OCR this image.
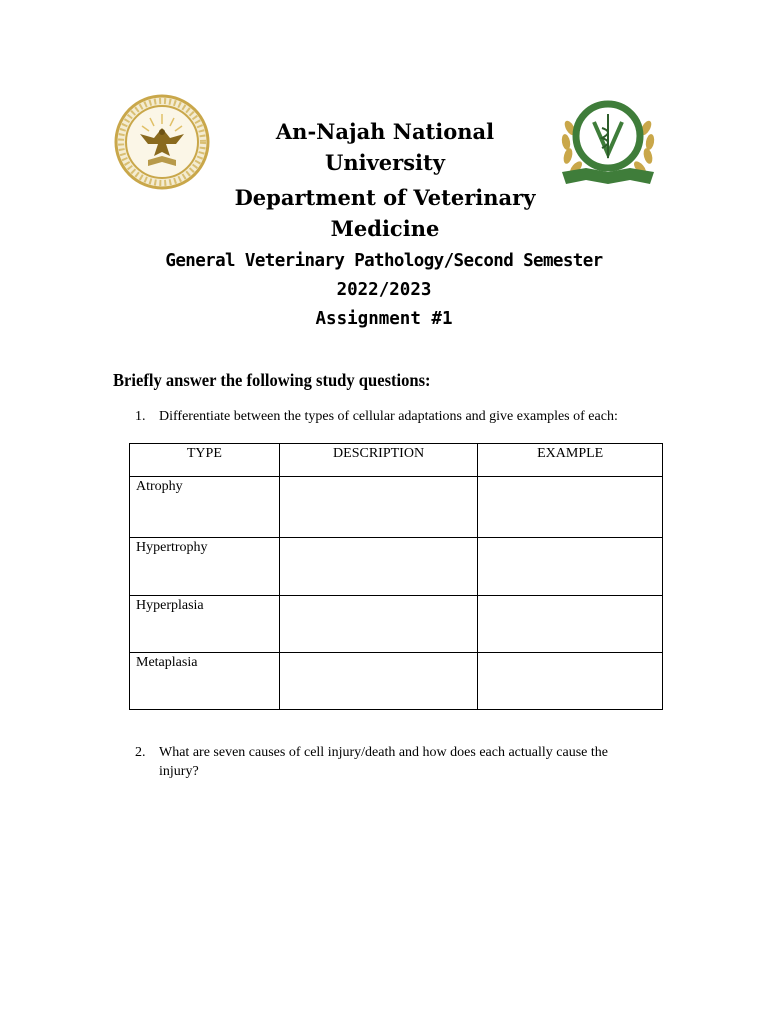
An-Najah National
University
Department of Veterinary
Medicine
General Veterinary Pathology/Second Semester
2022/2023
Assignment #1
Briefly answer the following study questions:
1. Differentiate between the types of cellular adaptations and give examples of each:
TYPE	DESCRIPTION	EXAMPLE
Atrophy		
Hypertrophy		
Hyperplasia		
Metaplasia		
2. What are seven causes of cell injury/death and how does each actually cause the
injury?
